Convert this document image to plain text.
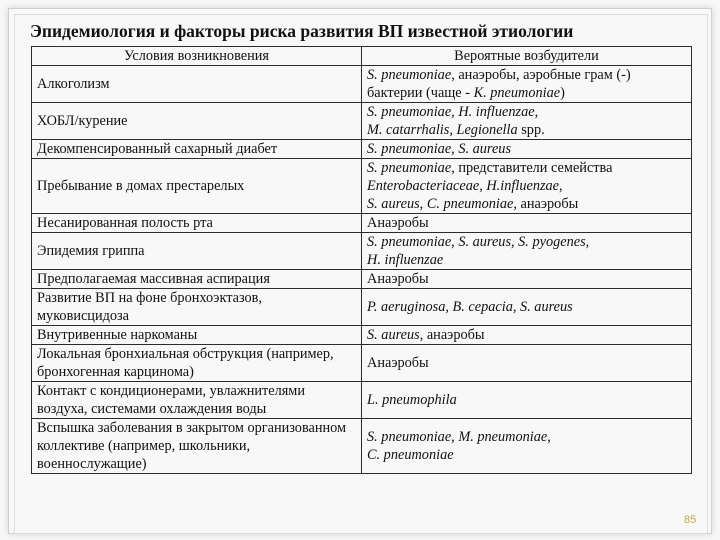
Эпидемиология и факторы риска развития ВП известной этиологии
Условия возникновения	Вероятные возбудители
Алкоголизм	S. pneumoniae, анаэробы, аэробные грам (-) бактерии (чаще - K. pneumoniae)

ХОБЛ/курение	S. pneumoniae, H. influenzae,
M. catarrhalis, Legionella spp.

Декомпенсированный сахарный диабет	S. pneumoniae, S. aureus

Пребывание в домах престарелых	S. pneumoniae, представители семейства
Enterobacteriaceae, H.influenzae,
S. aureus, C. pneumoniae, анаэробы

Несанированная полость рта	Анаэробы

Эпидемия гриппа	S. pneumoniae, S. aureus, S. pyogenes,
H. influenzae

Предполагаемая массивная аспирация	Анаэробы

Развитие ВП на фоне бронхоэктазов, муковисцидоза	P. aeruginosa, B. cepacia, S. aureus

Внутривенные наркоманы	S. aureus, анаэробы

Локальная бронхиальная обструкция (например, бронхогенная карцинома)	Анаэробы

Контакт с кондиционерами, увлажнителями воздуха, системами охлаждения воды	L. pneumophila

Вспышка заболевания в закрытом организованном коллективе (например, школьники, военнослужащие)	S. pneumoniae, M. pneumoniae,
C. pneumoniae
85
